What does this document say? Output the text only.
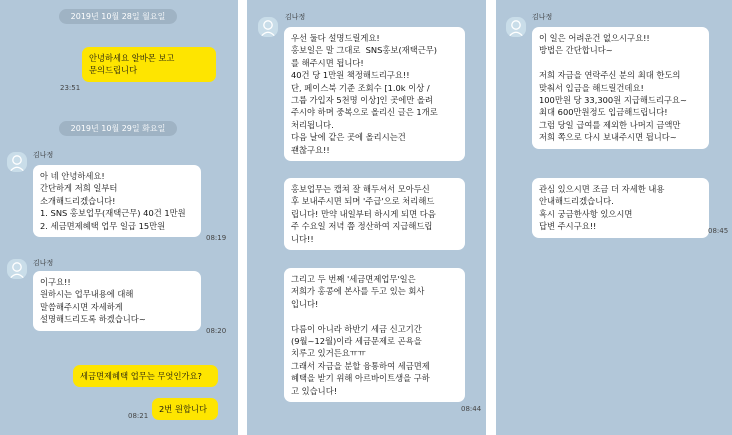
2019년 10월 28일 월요일
안녕하세요 알바몬 보고
문의드립니다
23:51
2019년 10월 29일 화요일
김나정
아 네 안녕하세요!
간단하게 저희 일부터
소개해드리겠습니다!
1. SNS 홍보업무(재택근무) 40건 1만원
2. 세금면제혜택 업무 일급 15만원
08:19
김나정
이구요!!
원하시는 업무내용에 대해
말씀해주시면 자세하게
설명해드리도록 하겠습니다~
08:20
세금면제혜택 업무는 무엇인가요?
2번 원합니다
08:21
김나정
우선 둘다 설명드릴게요!
홍보일은 말 그대로  SNS홍보(재택근무)
를 해주시면 됩니다!
40건 당 1만원 책정해드리구요!!
단, 페이스북 기준 조회수 [1.0k 이상 /
그룹 가입자 5천명 이상]인 곳에만 올려
주시야 하며 중복으로 올리신 글은 1개로
처리됩니다.
다음 날에 같은 곳에 올리시는건
괜찮구요!!
홍보업무는 캡쳐 잘 해두셔서 모아두신
후 보내주시면 되며 '주급'으로 처리해드
립니다! 만약 내일부터 하시게 되면 다음
주 수요일 저녁 쯤 정산하여 지급해드립
니다!!
그리고 두 번째 '세금면제업무'일은
저희가 홍콩에 본사를 두고 있는 회사
입니다!

다름이 아니라 하반기 세금 신고기간
(9월~12월)이라 세금문제로 곤욕을
치루고 있거든요ㅠㅠ
그래서 자금을 분할 융통하여 세금면제
혜택을 받기 위해 아르바이트생을 구하
고 있습니다!
08:44
김나정
이 일은 어려운건 없으시구요!!
방법은 간단합니다~

저희 자금을 연락주신 분의 최대 한도의
맞춰서 입금을 해드릴건데요!
100만원 당 33,300원 지급해드리구요~
최대 600만원정도 입금해드립니다!
그럼 당일 급여를 제외한 나머지 금액만
저희 쪽으로 다시 보내주시면 됩니다~
관심 있으시면 조금 더 자세한 내용
안내해드리겠습니다.
혹시 궁금한사항 있으시면
답변 주시구요!!	08:45
